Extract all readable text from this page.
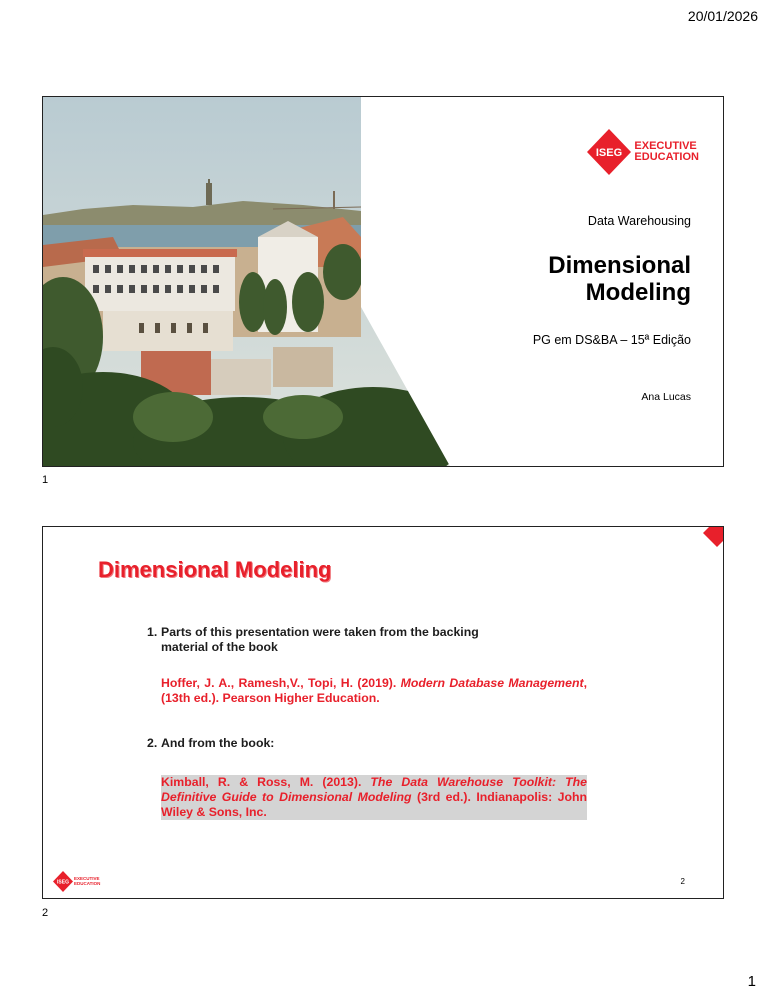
20/01/2026
ISEG
EXECUTIVE
EDUCATION
Data Warehousing
Dimensional
Modeling
PG em DS&BA – 15ª Edição
Ana Lucas
1
Dimensional Modeling
1. Parts of this presentation were taken from the backing
material of the book
Hoffer, J. A., Ramesh,V., Topi, H. (2019). Modern Database Management, (13th ed.). Pearson Higher Education.
2. And from the book:
Kimball, R. & Ross, M. (2013). The Data Warehouse Toolkit: The Definitive Guide to Dimensional Modeling (3rd ed.). Indianapolis: John Wiley & Sons, Inc.
ISEG
EXECUTIVE
EDUCATION	2
2
1
